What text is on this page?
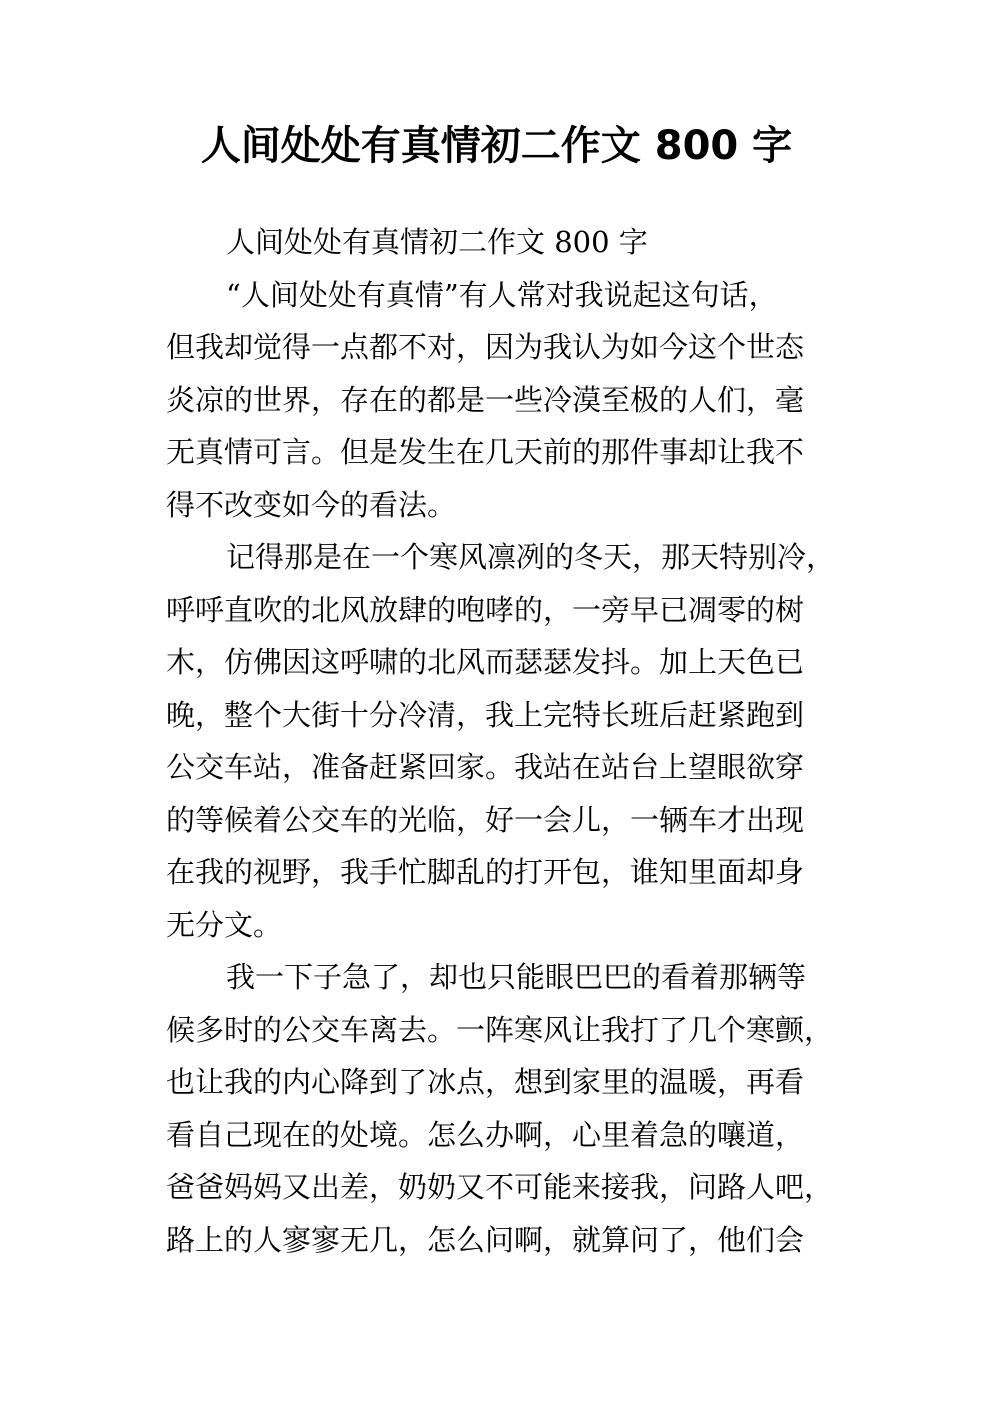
人间处处有真情初二作文 800 字
人间处处有真情初二作文 800 字
“人间处处有真情”有人常对我说起这句话，
但我却觉得一点都不对，因为我认为如今这个世态
炎凉的世界，存在的都是一些冷漠至极的人们，毫
无真情可言。但是发生在几天前的那件事却让我不
得不改变如今的看法。
记得那是在一个寒风凛冽的冬天，那天特别冷，
呼呼直吹的北风放肆的咆哮的，一旁早已凋零的树
木，仿佛因这呼啸的北风而瑟瑟发抖。加上天色已
晚，整个大街十分冷清，我上完特长班后赶紧跑到
公交车站，准备赶紧回家。我站在站台上望眼欲穿
的等候着公交车的光临，好一会儿，一辆车才出现
在我的视野，我手忙脚乱的打开包，谁知里面却身
无分文。
我一下子急了，却也只能眼巴巴的看着那辆等
候多时的公交车离去。一阵寒风让我打了几个寒颤，
也让我的内心降到了冰点，想到家里的温暖，再看
看自己现在的处境。怎么办啊，心里着急的嚷道，
爸爸妈妈又出差，奶奶又不可能来接我，问路人吧，
路上的人寥寥无几，怎么问啊，就算问了，他们会
